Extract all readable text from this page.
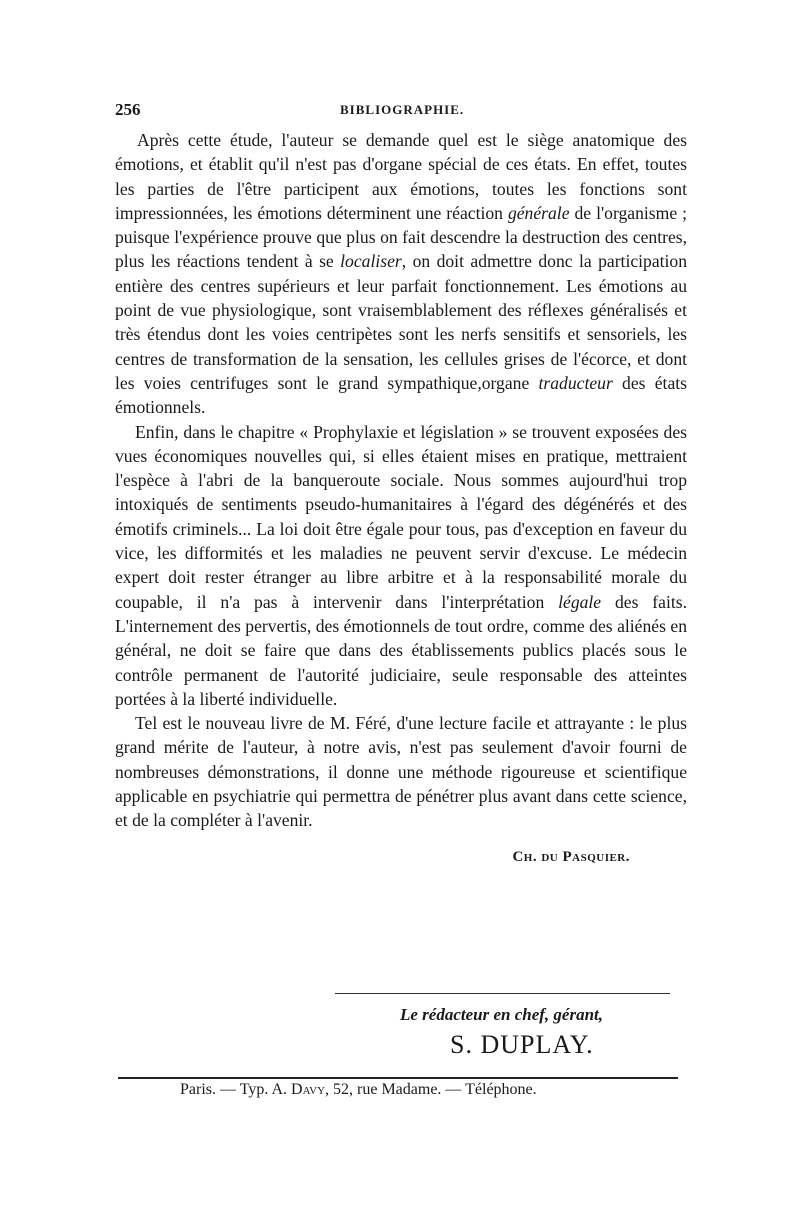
256	BIBLIOGRAPHIE.

Après cette étude, l'auteur se demande quel est le siège anatomique des émotions, et établit qu'il n'est pas d'organe spécial de ces états. En effet, toutes les parties de l'être participent aux émotions, toutes les fonctions sont impressionnées, les émotions déterminent une réaction générale de l'organisme ; puisque l'expérience prouve que plus on fait descendre la destruction des centres, plus les réactions tendent à se localiser, on doit admettre donc la participation entière des centres supérieurs et leur parfait fonctionnement. Les émotions au point de vue physiologique, sont vraisemblablement des réflexes généralisés et très étendus dont les voies centripètes sont les nerfs sensitifs et sensoriels, les centres de transformation de la sensation, les cellules grises de l'écorce, et dont les voies centrifuges sont le grand sympathique,organe traducteur des états émotionnels.

Enfin, dans le chapitre « Prophylaxie et législation » se trouvent exposées des vues économiques nouvelles qui, si elles étaient mises en pratique, mettraient l'espèce à l'abri de la banqueroute sociale. Nous sommes aujourd'hui trop intoxiqués de sentiments pseudo-humanitaires à l'égard des dégénérés et des émotifs criminels... La loi doit être égale pour tous, pas d'exception en faveur du vice, les difformités et les maladies ne peuvent servir d'excuse. Le médecin expert doit rester étranger au libre arbitre et à la responsabilité morale du coupable, il n'a pas à intervenir dans l'interprétation légale des faits. L'internement des pervertis, des émotionnels de tout ordre, comme des aliénés en général, ne doit se faire que dans des établissements publics placés sous le contrôle permanent de l'autorité judiciaire, seule responsable des atteintes portées à la liberté individuelle.

Tel est le nouveau livre de M. Féré, d'une lecture facile et attrayante : le plus grand mérite de l'auteur, à notre avis, n'est pas seulement d'avoir fourni de nombreuses démonstrations, il donne une méthode rigoureuse et scientifique applicable en psychiatrie qui permettra de pénétrer plus avant dans cette science, et de la compléter à l'avenir.

Ch. du Pasquier.
Le rédacteur en chef, gérant,
S. DUPLAY.
Paris. — Typ. A. Davy, 52, rue Madame. — Téléphone.
